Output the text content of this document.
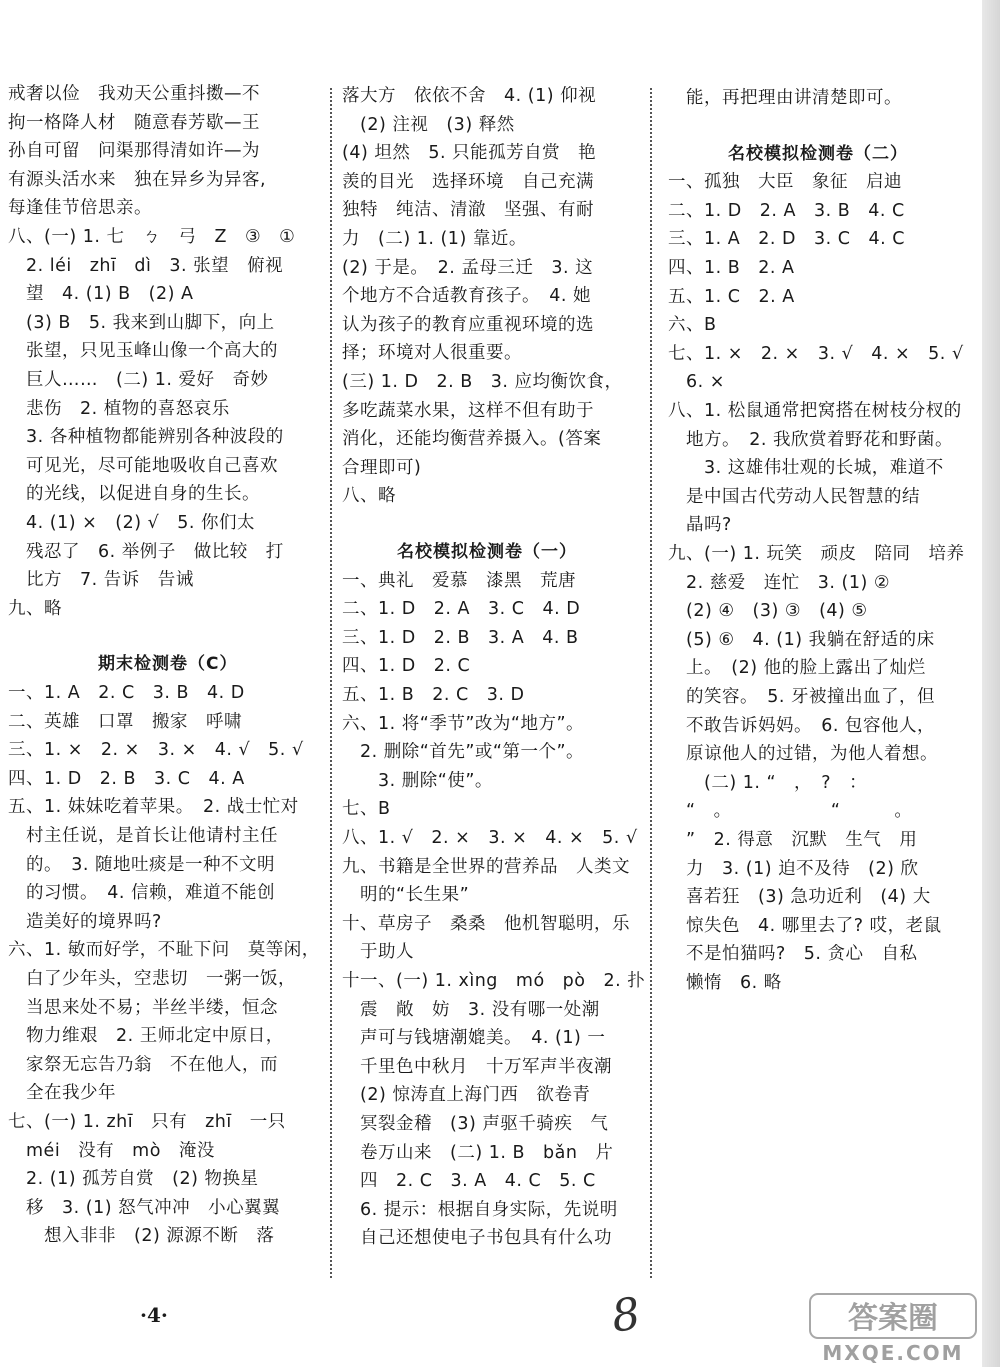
戒奢以俭　我劝天公重抖擞—不
拘一格降人材　随意春芳歇—王
孙自可留　问渠那得清如许—为
有源头活水来　独在异乡为异客,
每逢佳节倍思亲。
八、(一) 1. 七　ㄅ　弓　Z　③　①
　2. léi　zhī　dì　3. 张望　俯视
　望　4. (1) B　(2) A
　(3) B　5. 我来到山脚下，向上
　张望，只见玉峰山像一个高大的
　巨人……　(二) 1. 爱好　奇妙
　悲伤　2. 植物的喜怒哀乐
　3. 各种植物都能辨别各种波段的
　可见光，尽可能地吸收自己喜欢
　的光线，以促进自身的生长。
　4. (1) ×　(2) √　5. 你们太
　残忍了　6. 举例子　做比较　打
　比方　7. 告诉　告诫
九、略
期末检测卷（C）
一、1. A　2. C　3. B　4. D
二、英雄　口罩　搬家　呼啸
三、1. ×　2. ×　3. ×　4. √　5. √
四、1. D　2. B　3. C　4. A
五、1. 妹妹吃着苹果。　2. 战士忙对
　村主任说，是首长让他请村主任
　的。　3. 随地吐痰是一种不文明
　的习惯。　4. 信赖，难道不能创
　造美好的境界吗?
六、1. 敏而好学，不耻下问　莫等闲，
　白了少年头，空悲切　一粥一饭，
　当思来处不易；半丝半缕，恒念
　物力维艰　2. 王师北定中原日，
　家祭无忘告乃翁　不在他人，而
　全在我少年
七、(一) 1. zhī　只有　zhī　一只
　méi　没有　mò　淹没
　2. (1) 孤芳自赏　(2) 物换星
　移　3. (1) 怒气冲冲　小心翼翼
　　想入非非　(2) 源源不断　落
落大方　依依不舍　4. (1) 仰视
　(2) 注视　(3) 释然
(4) 坦然　5. 只能孤芳自赏　艳
羡的目光　选择环境　自己充满
独特　纯洁、清澈　坚强、有耐
力　(二) 1. (1) 靠近。
(2) 于是。　2. 孟母三迁　3. 这
个地方不合适教育孩子。　4. 她
认为孩子的教育应重视环境的选
择；环境对人很重要。
(三) 1. D　2. B　3. 应均衡饮食，
多吃蔬菜水果，这样不但有助于
消化，还能均衡营养摄入。(答案
合理即可)
八、略
名校模拟检测卷（一）
一、典礼　爱慕　漆黑　荒唐
二、1. D　2. A　3. C　4. D
三、1. D　2. B　3. A　4. B
四、1. D　2. C
五、1. B　2. C　3. D
六、1. 将“季节”改为“地方”。
　2. 删除“首先”或“第一个”。
　　3. 删除“使”。
七、B
八、1. √　2. ×　3. ×　4. ×　5. √
九、书籍是全世界的营养品　人类文
　明的“长生果”
十、草房子　桑桑　他机智聪明，乐
　于助人
十一、(一) 1. xìng　mó　pò　2. 扑
　震　敞　妨　3. 没有哪一处潮
　声可与钱塘潮媲美。　4. (1) 一
　千里色中秋月　十万军声半夜潮
　(2) 惊涛直上海门西　欲卷青
　冥裂金稽　(3) 声驱千骑疾　气
　卷万山来　(二) 1. B　bǎn　片
　四　2. C　3. A　4. C　5. C
　6. 提示：根据自身实际，先说明
　自己还想使电子书包具有什么功
　能，再把理由讲清楚即可。
名校模拟检测卷（二）
一、孤独　大臣　象征　启迪
二、1. D　2. A　3. B　4. C
三、1. A　2. D　3. C　4. C
四、1. B　2. A
五、1. C　2. A
六、B
七、1. ×　2. ×　3. √　4. ×　5. √
　6. ×
八、1. 松鼠通常把窝搭在树枝分杈的
　地方。　2. 我欣赏着野花和野菌。
　　3. 这雄伟壮观的长城，难道不
　是中国古代劳动人民智慧的结
　晶吗?
九、(一) 1. 玩笑　顽皮　陪同　培养
　2. 慈爱　连忙　3. (1) ②
　(2) ④　(3) ③　(4) ⑤
　(5) ⑥　4. (1) 我躺在舒适的床
　上。　(2) 他的脸上露出了灿烂
　的笑容。　5. 牙被撞出血了，但
　不敢告诉妈妈。　6. 包容他人，
　原谅他人的过错，为他人着想。
　　(二) 1. “　，　?　：　
　“　。　　　　　　“　　　。
　”　2. 得意　沉默　生气　用
　力　3. (1) 迫不及待　(2) 欣
　喜若狂　(3) 急功近利　(4) 大
　惊失色　4. 哪里去了? 哎，老鼠
　不是怕猫吗?　5. 贪心　自私
　懒惰　6. 略
·4·	8	答案圈
MXQE.COM
